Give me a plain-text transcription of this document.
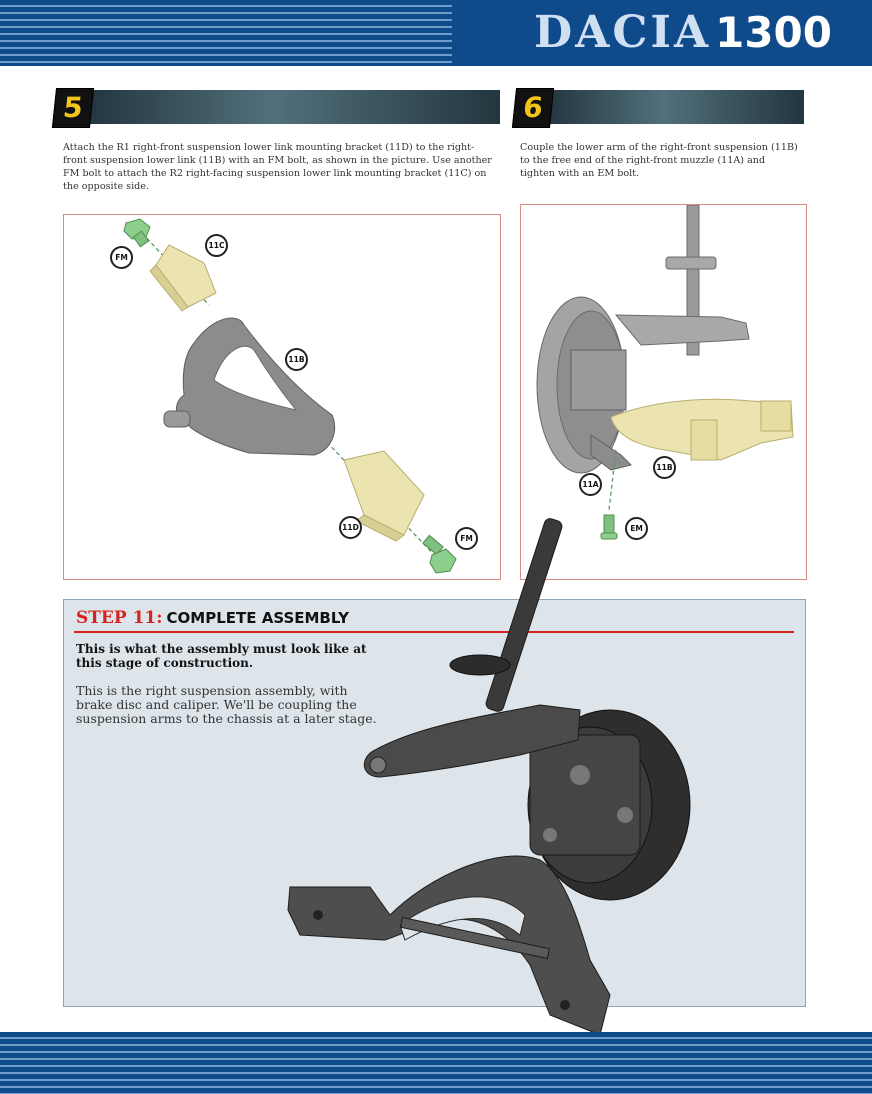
DACIA1300
5
Attach the R1 right-front suspension lower link mounting bracket (11D) to the right-front suspension lower link (11B) with an FM bolt, as shown in the picture. Use another FM bolt to attach the R2 right-facing suspension lower link mounting bracket (11C) on the opposite side.
FM
11C
11B
11D
FM
6
Couple the lower arm of the right-front suspension (11B) to the free end of the right-front muzzle (11A) and tighten with an EM bolt.
11B
11A
EM
STEP 11: COMPLETE ASSEMBLY
This is what the assembly must look like at this stage of construction.
This is the right suspension assembly, with brake disc and caliper. We'll be coupling the suspension arms to the chassis at a later stage.
